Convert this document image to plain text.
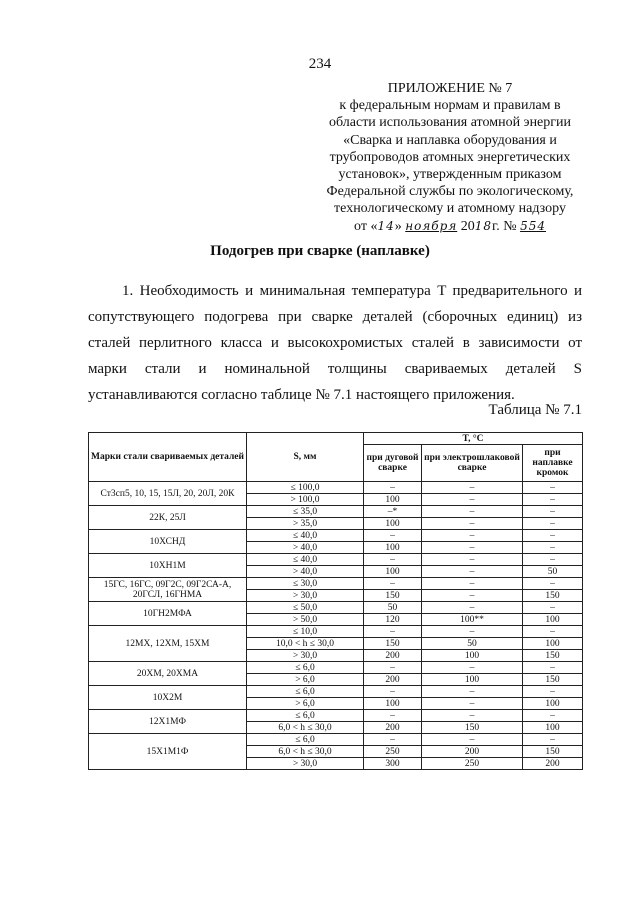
234
ПРИЛОЖЕНИЕ № 7
к федеральным нормам и правилам в
области использования атомной энергии
«Сварка и наплавка оборудования и
трубопроводов атомных энергетических
установок», утвержденным приказом
Федеральной службы по экологическому,
технологическому и атомному надзору
от «14» ноября 2018г. № 554
Подогрев при сварке (наплавке)

1. Необходимость и минимальная температура T предварительного и сопутствующего подогрева при сварке деталей (сборочных единиц) из сталей перлитного класса и высокохромистых сталей в зависимости от марки стали и номинальной толщины свариваемых деталей S устанавливаются согласно таблице № 7.1 настоящего приложения.

Таблица № 7.1
Марки стали свариваемых деталей	S, мм	T, °C		
		при дуговой сварке	при электрошлаковой сварке	при наплавке кромок
Ст3сп5, 10, 15, 15Л, 20, 20Л, 20К	≤ 100,0	–	–	–
	> 100,0	100	–	–
22К, 25Л	≤ 35,0	–*	–	–
	> 35,0	100	–	–
10ХСНД	≤ 40,0	–	–	–
	> 40,0	100	–	–
10ХН1М	≤ 40,0	–	–	–
	> 40,0	100	–	50
15ГС, 16ГС, 09Г2С, 09Г2СА-А, 20ГСЛ, 16ГНМА	≤ 30,0	–	–	–
	> 30,0	150	–	150
10ГН2МФА	≤ 50,0	50	–	–
	> 50,0	120	100**	100
12МХ, 12ХМ, 15ХМ	≤ 10,0	–	–	–
	10,0 < h ≤ 30,0	150	50	100
	> 30,0	200	100	150
20ХМ, 20ХМА	≤ 6,0	–	–	–
	> 6,0	200	100	150
10Х2М	≤ 6,0	–	–	–
	> 6,0	100	–	100
12Х1МФ	≤ 6,0	–	–	–
	6,0 < h ≤ 30,0	200	150	100
15Х1М1Ф	≤ 6,0	–	–	–
	6,0 < h ≤ 30,0	250	200	150
	> 30,0	300	250	200
